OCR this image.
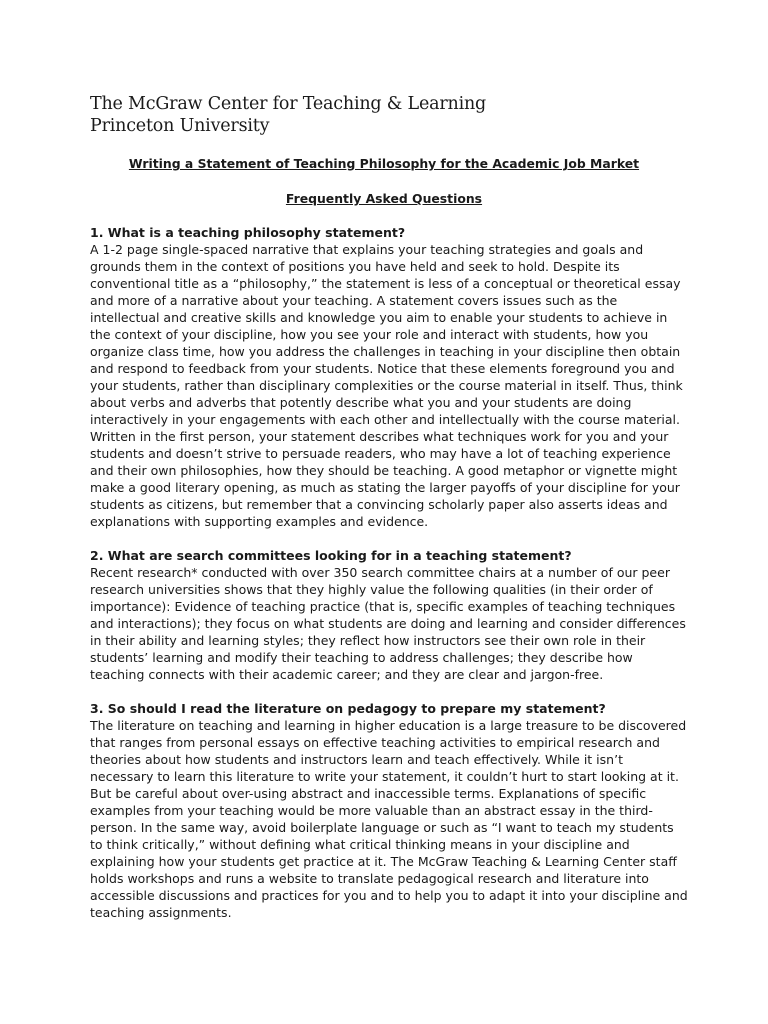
The McGraw Center for Teaching & Learning
Princeton University
Writing a Statement of Teaching Philosophy for the Academic Job Market
Frequently Asked Questions

1. What is a teaching philosophy statement?

A 1-2 page single-spaced narrative that explains your teaching strategies and goals and grounds them in the context of positions you have held and seek to hold. Despite its conventional title as a “philosophy,” the statement is less of a conceptual or theoretical essay and more of a narrative about your teaching. A statement covers issues such as the intellectual and creative skills and knowledge you aim to enable your students to achieve in the context of your discipline, how you see your role and interact with students, how you organize class time, how you address the challenges in teaching in your discipline then obtain and respond to feedback from your students. Notice that these elements foreground you and your students, rather than disciplinary complexities or the course material in itself. Thus, think about verbs and adverbs that potently describe what you and your students are doing interactively in your engagements with each other and intellectually with the course material. Written in the first person, your statement describes what techniques work for you and your students and doesn’t strive to persuade readers, who may have a lot of teaching experience and their own philosophies, how they should be teaching. A good metaphor or vignette might make a good literary opening, as much as stating the larger payoffs of your discipline for your students as citizens, but remember that a convincing scholarly paper also asserts ideas and explanations with supporting examples and evidence.

2. What are search committees looking for in a teaching statement?

Recent research* conducted with over 350 search committee chairs at a number of our peer research universities shows that they highly value the following qualities (in their order of importance): Evidence of teaching practice (that is, specific examples of teaching techniques and interactions); they focus on what students are doing and learning and consider differences in their ability and learning styles; they reflect how instructors see their own role in their students’ learning and modify their teaching to address challenges; they describe how teaching connects with their academic career; and they are clear and jargon-free.

3. So should I read the literature on pedagogy to prepare my statement?

The literature on teaching and learning in higher education is a large treasure to be discovered that ranges from personal essays on effective teaching activities to empirical research and theories about how students and instructors learn and teach effectively. While it isn’t necessary to learn this literature to write your statement, it couldn’t hurt to start looking at it. But be careful about over-using abstract and inaccessible terms. Explanations of specific examples from your teaching would be more valuable than an abstract essay in the third-person. In the same way, avoid boilerplate language or such as “I want to teach my students to think critically,” without defining what critical thinking means in your discipline and explaining how your students get practice at it. The McGraw Teaching & Learning Center staff holds workshops and runs a website to translate pedagogical research and literature into accessible discussions and practices for you and to help you to adapt it into your discipline and teaching assignments.
